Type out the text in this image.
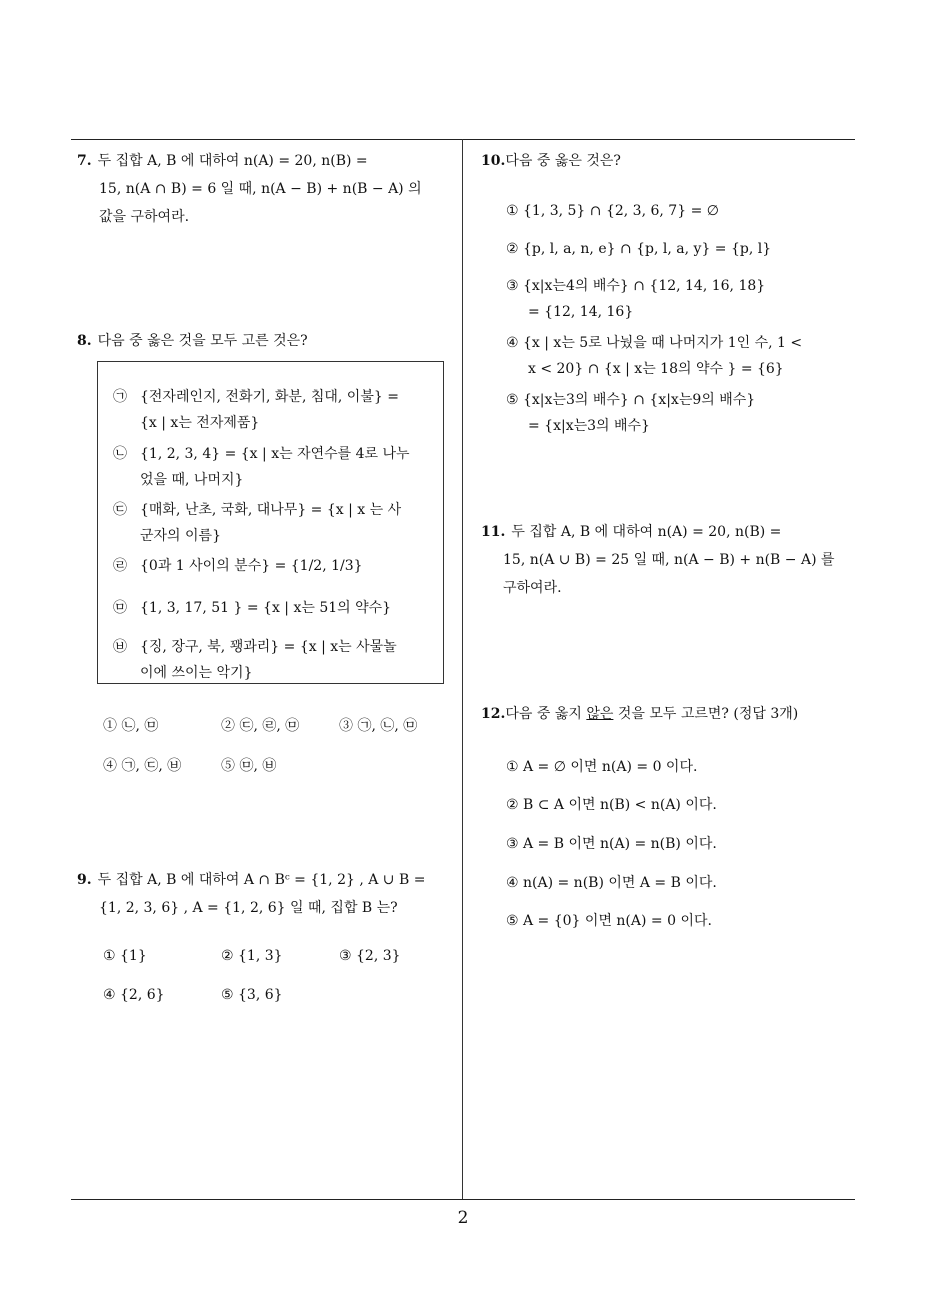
2
7. 두 집합 A, B 에 대하여 n(A) = 20, n(B) =
15, n(A ∩ B) = 6 일 때, n(A − B) + n(B − A) 의
값을 구하여라.
8. 다음 중 옳은 것을 모두 고른 것은?
㉠ {전자레인지, 전화기, 화분, 침대, 이불} =
{x | x는 전자제품}
㉡ {1, 2, 3, 4} = {x | x는 자연수를 4로 나누
었을 때, 나머지}
㉢ {매화, 난초, 국화, 대나무} = {x | x 는 사
군자의 이름}
㉣ {0과 1 사이의 분수} = {1/2, 1/3}
㉤ {1, 3, 17, 51 } = {x | x는 51의 약수}
㉥ {징, 장구, 북, 꽹과리} = {x | x는 사물놀
이에 쓰이는 악기}
① ㉡, ㉤	② ㉢, ㉣, ㉤	③ ㉠, ㉡, ㉤
④ ㉠, ㉢, ㉥	⑤ ㉤, ㉥
9. 두 집합 A, B 에 대하여 A ∩ Bᶜ = {1, 2} , A ∪ B =
{1, 2, 3, 6} , A = {1, 2, 6} 일 때, 집합 B 는?
① {1}	② {1, 3}	③ {2, 3}
④ {2, 6}	⑤ {3, 6}
10.다음 중 옳은 것은?
① {1, 3, 5} ∩ {2, 3, 6, 7} = ∅
② {p, l, a, n, e} ∩ {p, l, a, y} = {p, l}
③ {x|x는4의 배수} ∩ {12, 14, 16, 18}
= {12, 14, 16}
④ {x | x는 5로 나눴을 때 나머지가 1인 수, 1 <
x < 20} ∩ {x | x는 18의 약수 } = {6}
⑤ {x|x는3의 배수} ∩ {x|x는9의 배수}
= {x|x는3의 배수}
11. 두 집합 A, B 에 대하여 n(A) = 20, n(B) =
15, n(A ∪ B) = 25 일 때, n(A − B) + n(B − A) 를
구하여라.
12.다음 중 옳지 않은 것을 모두 고르면? (정답 3개)
① A = ∅ 이면 n(A) = 0 이다.
② B ⊂ A 이면 n(B) < n(A) 이다.
③ A = B 이면 n(A) = n(B) 이다.
④ n(A) = n(B) 이면 A = B 이다.
⑤ A = {0} 이면 n(A) = 0 이다.
